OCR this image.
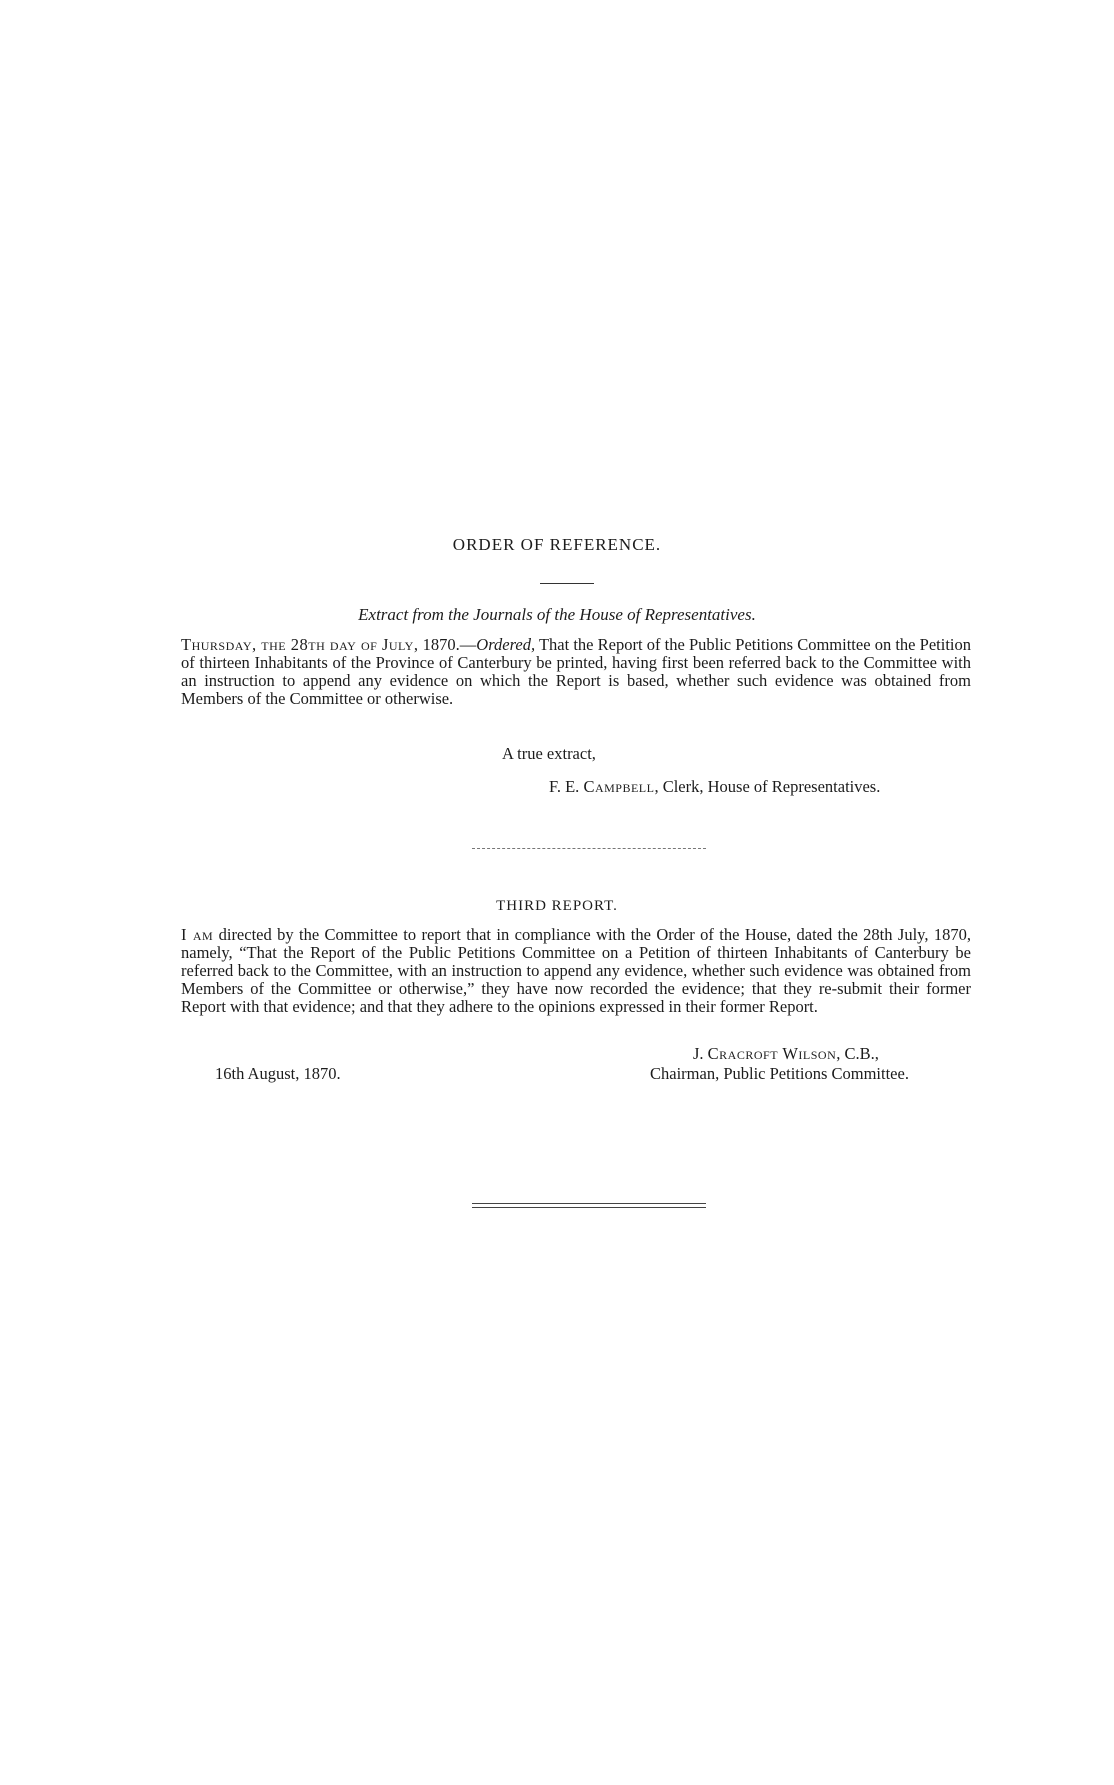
ORDER OF REFERENCE.
Extract from the Journals of the House of Representatives.
Thursday, the 28th day of July, 1870.—Ordered, That the Report of the Public Petitions Committee on the Petition of thirteen Inhabitants of the Province of Canterbury be printed, having first been referred back to the Committee with an instruction to append any evidence on which the Report is based, whether such evidence was obtained from Members of the Committee or otherwise.
A true extract,
F. E. Campbell, Clerk, House of Representatives.
THIRD REPORT.
I am directed by the Committee to report that in compliance with the Order of the House, dated the 28th July, 1870, namely, “That the Report of the Public Petitions Committee on a Petition of thirteen Inhabitants of Canterbury be referred back to the Committee, with an instruction to append any evidence, whether such evidence was obtained from Members of the Committee or otherwise,” they have now recorded the evidence; that they re-submit their former Report with that evidence; and that they adhere to the opinions expressed in their former Report.
J. Cracroft Wilson, C.B.,
16th August, 1870.	Chairman, Public Petitions Committee.
